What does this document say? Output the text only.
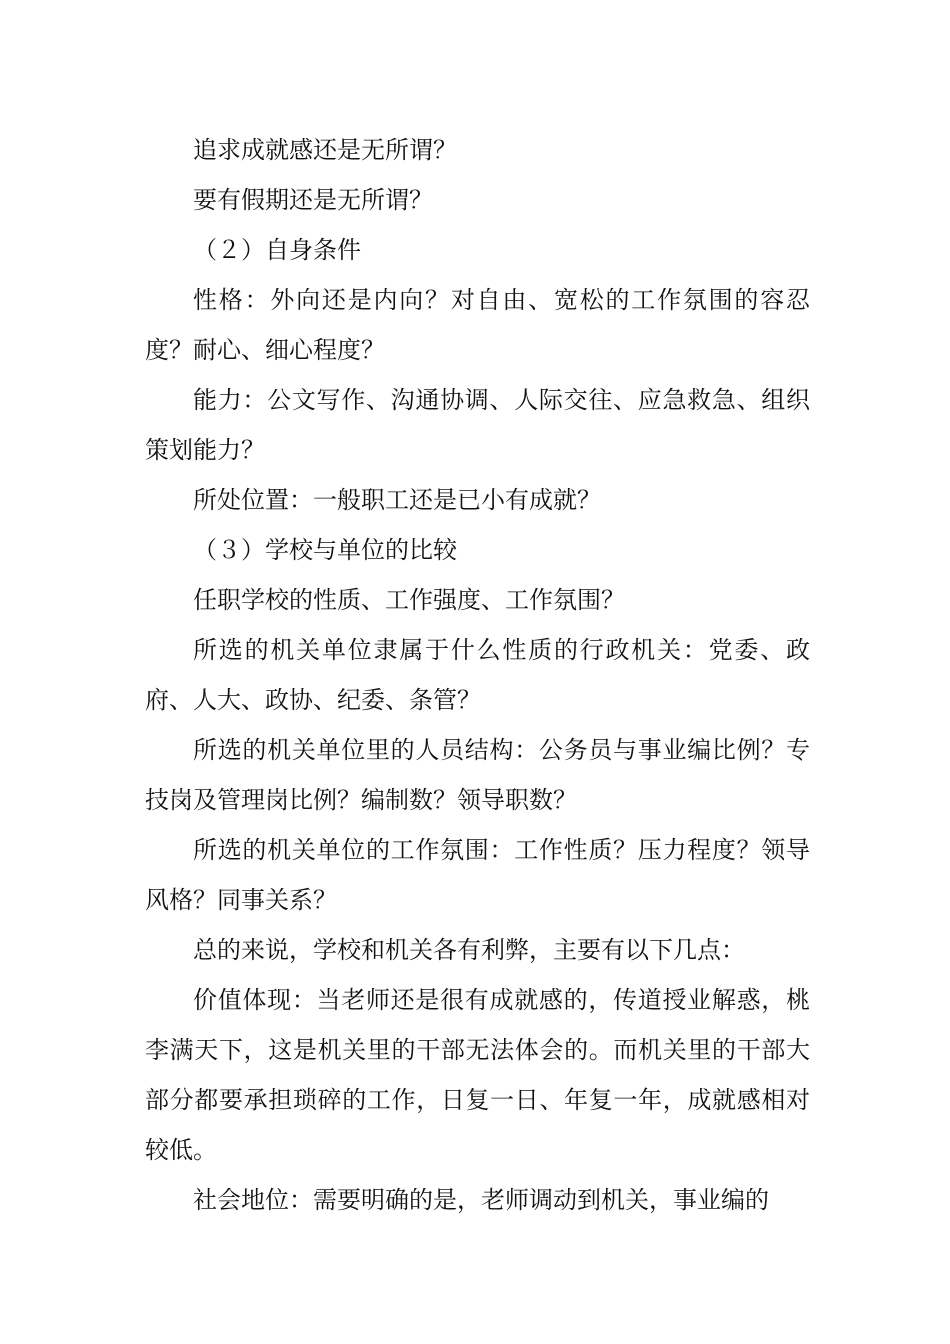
追求成就感还是无所谓？

要有假期还是无所谓？

（２）自身条件

性格：外向还是内向？对自由、宽松的工作氛围的容忍度？耐心、细心程度？

能力：公文写作、沟通协调、人际交往、应急救急、组织策划能力？

所处位置：一般职工还是已小有成就？

（３）学校与单位的比较

任职学校的性质、工作强度、工作氛围？

所选的机关单位隶属于什么性质的行政机关：党委、政府、人大、政协、纪委、条管？

所选的机关单位里的人员结构：公务员与事业编比例？专技岗及管理岗比例？编制数？领导职数？

所选的机关单位的工作氛围：工作性质？压力程度？领导风格？同事关系？

总的来说，学校和机关各有利弊，主要有以下几点：

价值体现：当老师还是很有成就感的，传道授业解惑，桃李满天下，这是机关里的干部无法体会的。而机关里的干部大部分都要承担琐碎的工作，日复一日、年复一年，成就感相对较低。

社会地位：需要明确的是，老师调动到机关，事业编的
